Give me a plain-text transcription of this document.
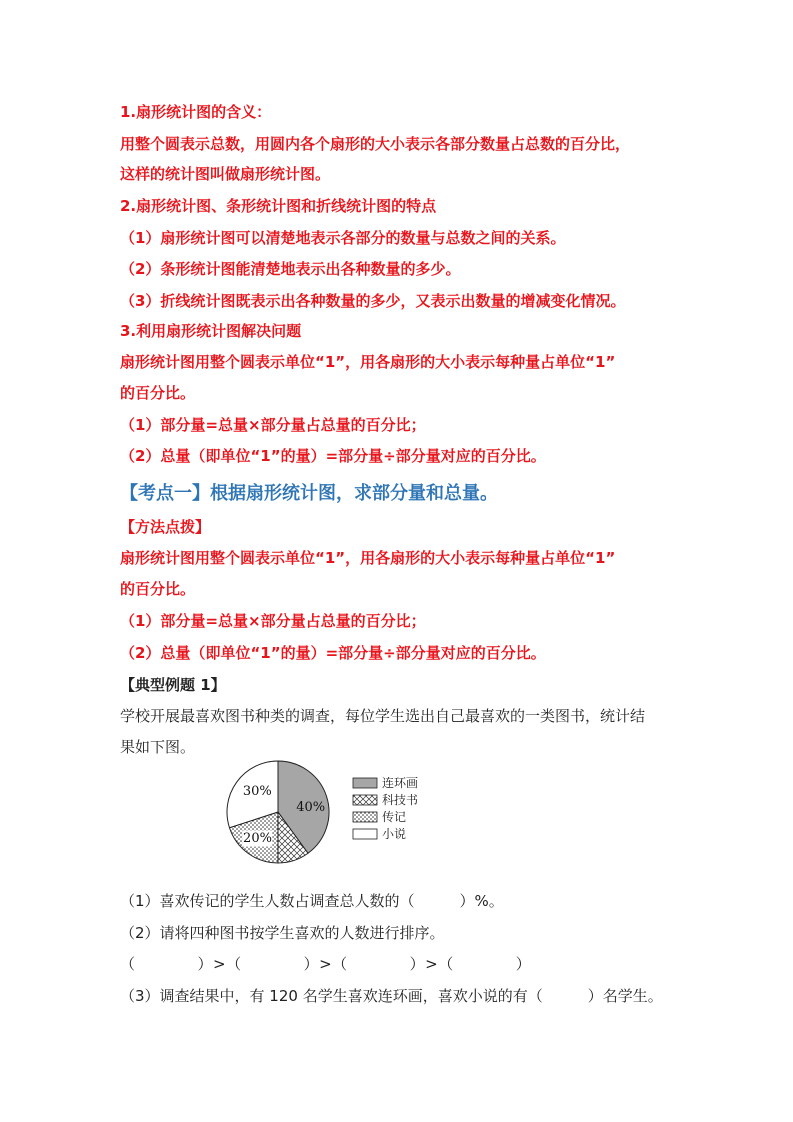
1.扇形统计图的含义：
用整个圆表示总数，用圆内各个扇形的大小表示各部分数量占总数的百分比，
这样的统计图叫做扇形统计图。
2.扇形统计图、条形统计图和折线统计图的特点
（1）扇形统计图可以清楚地表示各部分的数量与总数之间的关系。
（2）条形统计图能清楚地表示出各种数量的多少。
（3）折线统计图既表示出各种数量的多少，又表示出数量的增减变化情况。
3.利用扇形统计图解决问题
扇形统计图用整个圆表示单位“1”，用各扇形的大小表示每种量占单位“1”
的百分比。
（1）部分量=总量×部分量占总量的百分比；
（2）总量（即单位“1”的量）=部分量÷部分量对应的百分比。
【考点一】根据扇形统计图，求部分量和总量。
【方法点拨】
扇形统计图用整个圆表示单位“1”，用各扇形的大小表示每种量占单位“1”
的百分比。
（1）部分量=总量×部分量占总量的百分比；
（2）总量（即单位“1”的量）=部分量÷部分量对应的百分比。
【典型例题 1】
学校开展最喜欢图书种类的调查，每位学生选出自己最喜欢的一类图书，统计结
果如下图。
40%
20%
30%
连环画
科技书
传记
小说
（1）喜欢传记的学生人数占调查总人数的（　　　）%。
（2）请将四种图书按学生喜欢的人数进行排序。
（　　　　）>（　　　　）>（　　　　）>（　　　　）
（3）调查结果中，有 120 名学生喜欢连环画，喜欢小说的有（　　　）名学生。
